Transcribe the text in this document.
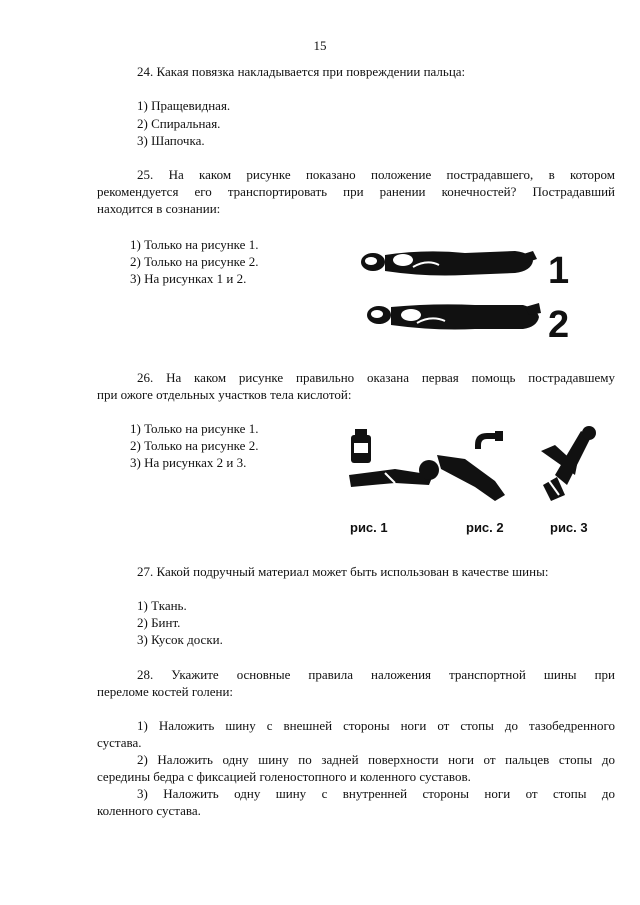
15
24. Какая повязка накладывается при повреждении пальца:
1) Пращевидная.
2) Спиральная.
3) Шапочка.
25. На каком рисунке показано положение пострадавшего, в котором
рекомендуется его транспортировать при ранении конечностей? Пострадавший
находится в сознании:
1) Только на рисунке 1.
2) Только на рисунке 2.
3) На рисунках 1 и 2.	1
2
26. На каком рисунке правильно оказана первая помощь пострадавшему
при ожоге отдельных участков тела кислотой:
1) Только на рисунке 1.
2) Только на рисунке 2.
3) На рисунках 2 и 3.
рис. 1	рис. 2	рис. 3
27. Какой подручный материал может быть использован в качестве шины:
1) Ткань.
2) Бинт.
3) Кусок доски.
28. Укажите основные правила наложения транспортной шины при
переломе костей голени:
1) Наложить шину с внешней стороны ноги от стопы до тазобедренного
сустава.
2) Наложить одну шину по задней поверхности ноги от пальцев стопы до
середины бедра с фиксацией голеностопного и коленного суставов.
3) Наложить одну шину с внутренней стороны ноги от стопы до
коленного сустава.
